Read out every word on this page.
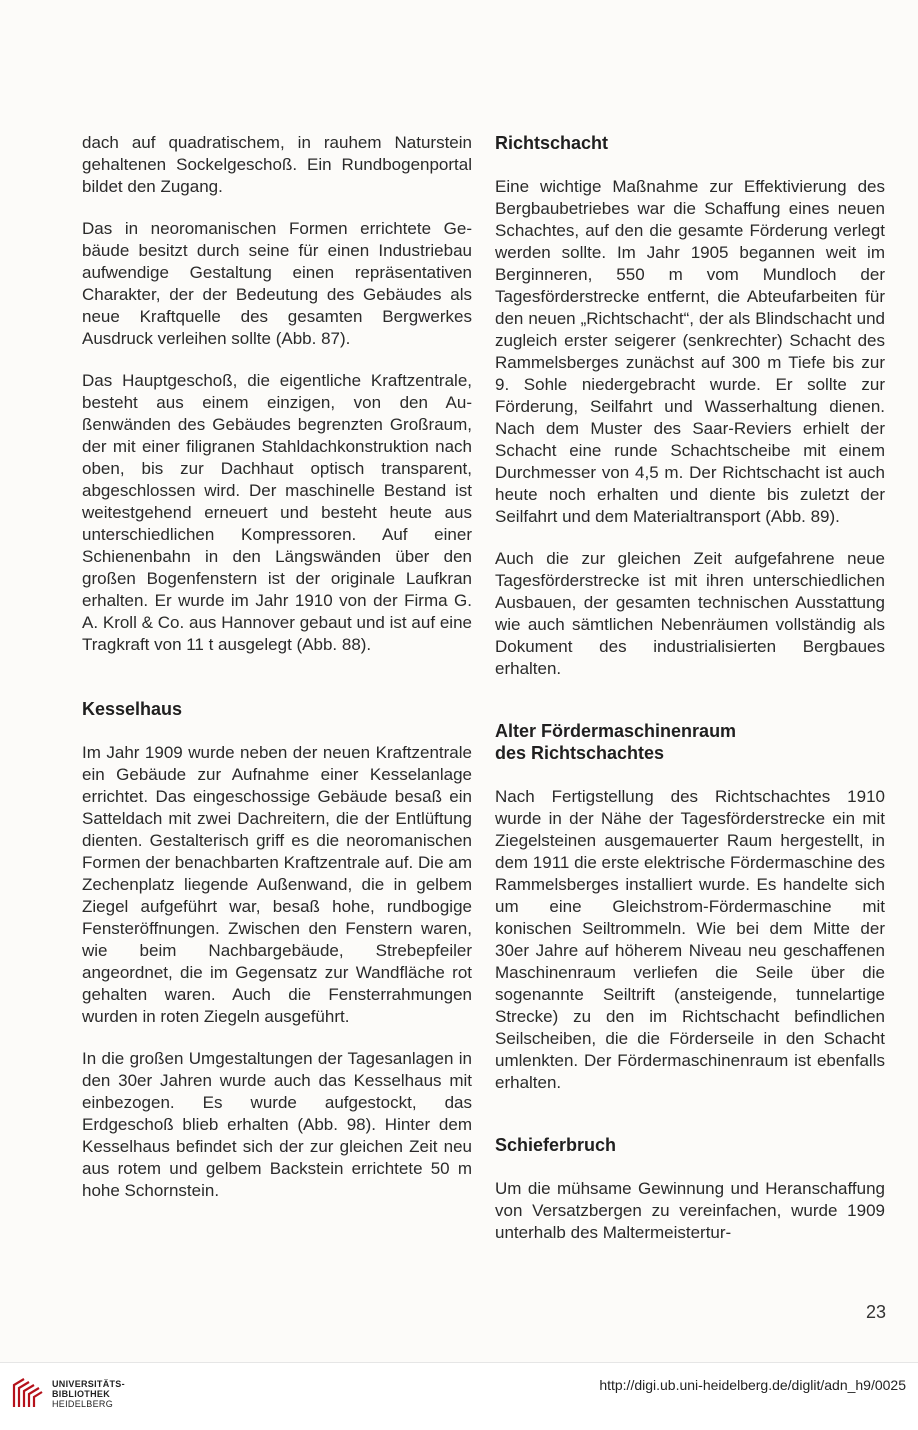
dach auf quadratischem, in rauhem Naturstein gehaltenen Sockelgeschoß. Ein Rundbogenportal bildet den Zugang.

Das in neoromanischen Formen errichtete Gebäude besitzt durch seine für einen Industriebau aufwendige Gestaltung einen repräsentativen Charakter, der der Bedeutung des Gebäudes als neue Kraftquelle des gesamten Bergwerkes Ausdruck verleihen sollte (Abb. 87).

Das Hauptgeschoß, die eigentliche Kraftzentrale, besteht aus einem einzigen, von den Außenwänden des Gebäudes begrenzten Großraum, der mit einer filigranen Stahldachkonstruktion nach oben, bis zur Dachhaut optisch transparent, abgeschlossen wird. Der maschinelle Bestand ist weitestgehend erneuert und besteht heute aus unterschiedlichen Kompressoren. Auf einer Schienenbahn in den Längswänden über den großen Bogenfenstern ist der originale Laufkran erhalten. Er wurde im Jahr 1910 von der Firma G. A. Kroll & Co. aus Hannover gebaut und ist auf eine Tragkraft von 11 t ausgelegt (Abb. 88).

Kesselhaus

Im Jahr 1909 wurde neben der neuen Kraftzentrale ein Gebäude zur Aufnahme einer Kesselanlage errichtet. Das eingeschossige Gebäude besaß ein Satteldach mit zwei Dachreitern, die der Entlüftung dienten. Gestalterisch griff es die neoromanischen Formen der benachbarten Kraftzentrale auf. Die am Zechenplatz liegende Außenwand, die in gelbem Ziegel aufgeführt war, besaß hohe, rundbogige Fensteröffnungen. Zwischen den Fenstern waren, wie beim Nachbargebäude, Strebepfeiler angeordnet, die im Gegensatz zur Wandfläche rot gehalten waren. Auch die Fensterrahmungen wurden in roten Ziegeln ausgeführt.

In die großen Umgestaltungen der Tagesanlagen in den 30er Jahren wurde auch das Kesselhaus mit einbezogen. Es wurde aufgestockt, das Erdgeschoß blieb erhalten (Abb. 98). Hinter dem Kesselhaus befindet sich der zur gleichen Zeit neu aus rotem und gelbem Backstein errichtete 50 m hohe Schornstein.

Richtschacht

Eine wichtige Maßnahme zur Effektivierung des Bergbaubetriebes war die Schaffung eines neuen Schachtes, auf den die gesamte Förderung verlegt werden sollte. Im Jahr 1905 begannen weit im Berginneren, 550 m vom Mundloch der Tagesförderstrecke entfernt, die Abteufarbeiten für den neuen „Richtschacht“, der als Blindschacht und zugleich erster seigerer (senkrechter) Schacht des Rammelsberges zunächst auf 300 m Tiefe bis zur 9. Sohle niedergebracht wurde. Er sollte zur Förderung, Seilfahrt und Wasserhaltung dienen. Nach dem Muster des Saar-Reviers erhielt der Schacht eine runde Schachtscheibe mit einem Durchmesser von 4,5 m. Der Richtschacht ist auch heute noch erhalten und diente bis zuletzt der Seilfahrt und dem Materialtransport (Abb. 89).

Auch die zur gleichen Zeit aufgefahrene neue Tagesförderstrecke ist mit ihren unterschiedlichen Ausbauen, der gesamten technischen Ausstattung wie auch sämtlichen Nebenräumen vollständig als Dokument des industrialisierten Bergbaues erhalten.

Alter Fördermaschinenraum
des Richtschachtes

Nach Fertigstellung des Richtschachtes 1910 wurde in der Nähe der Tagesförderstrecke ein mit Ziegelsteinen ausgemauerter Raum hergestellt, in dem 1911 die erste elektrische Fördermaschine des Rammelsberges installiert wurde. Es handelte sich um eine Gleichstrom-Fördermaschine mit konischen Seiltrommeln. Wie bei dem Mitte der 30er Jahre auf höherem Niveau neu geschaffenen Maschinenraum verliefen die Seile über die sogenannte Seiltrift (ansteigende, tunnelartige Strecke) zu den im Richtschacht befindlichen Seilscheiben, die die Förderseile in den Schacht umlenkten. Der Fördermaschinenraum ist ebenfalls erhalten.

Schieferbruch

Um die mühsame Gewinnung und Heranschaffung von Versatzbergen zu vereinfachen, wurde 1909 unterhalb des Maltermeistertur-

23
UNIVERSITÄTS-
BIBLIOTHEK
HEIDELBERG
http://digi.ub.uni-heidelberg.de/diglit/adn_h9/0025
